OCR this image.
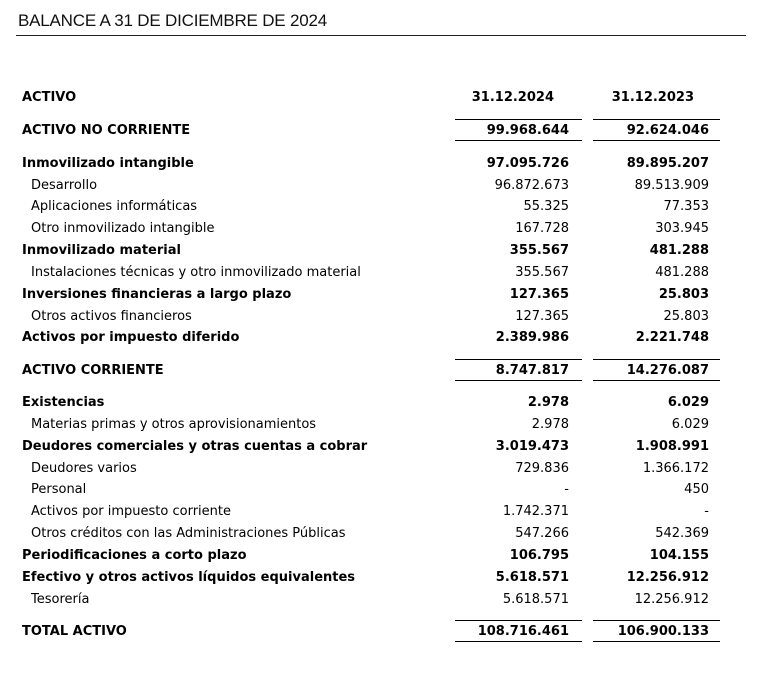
BALANCE A 31 DE DICIEMBRE DE 2024
ACTIVO	31.12.2024	31.12.2023
ACTIVO NO CORRIENTE	99.968.644	92.624.046
Inmovilizado intangible	97.095.726	89.895.207
Desarrollo	96.872.673	89.513.909
Aplicaciones informáticas	55.325	77.353
Otro inmovilizado intangible	167.728	303.945
Inmovilizado material	355.567	481.288
Instalaciones técnicas y otro inmovilizado material	355.567	481.288
Inversiones financieras a largo plazo	127.365	25.803
Otros activos financieros	127.365	25.803
Activos por impuesto diferido	2.389.986	2.221.748
ACTIVO CORRIENTE	8.747.817	14.276.087
Existencias	2.978	6.029
Materias primas y otros aprovisionamientos	2.978	6.029
Deudores comerciales y otras cuentas a cobrar	3.019.473	1.908.991
Deudores varios	729.836	1.366.172
Personal	-	450
Activos por impuesto corriente	1.742.371	-
Otros créditos con las Administraciones Públicas	547.266	542.369
Periodificaciones a corto plazo	106.795	104.155
Efectivo y otros activos líquidos equivalentes	5.618.571	12.256.912
Tesorería	5.618.571	12.256.912
TOTAL ACTIVO	108.716.461	106.900.133
